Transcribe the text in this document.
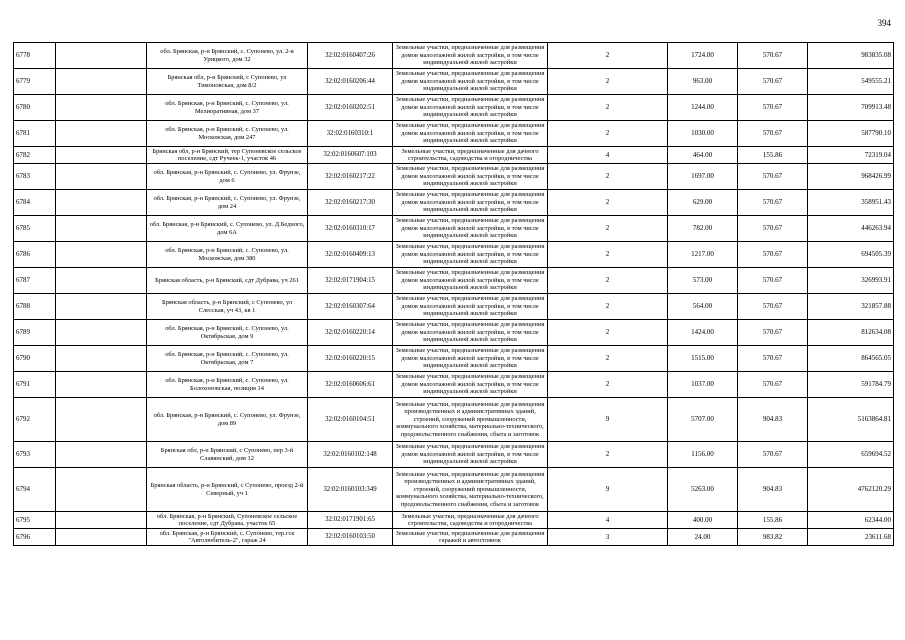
394
6778		обл. Брянская, р-н Брянский, с. Супонево, ул. 2-я Урицкого, дом 32	32:02:0160407:26	Земельные участки, предназначенные для размещения домов малоэтажной жилой застройки, в том числе индивидуальной жилой застройки	2	1724.00	570.67	983835.08
6779		Брянская обл, р-н Брянский, с Супонево, ул Тимоновская, дом 8/2	32:02:0160206:44	Земельные участки, предназначенные для размещения домов малоэтажной жилой застройки, в том числе индивидуальной жилой застройки	2	963.00	570.67	549555.21
6780		обл. Брянская, р-н Брянский, с. Супонево, ул. Мелиоративная, дом 37	32:02:0160202:51	Земельные участки, предназначенные для размещения домов малоэтажной жилой застройки, в том числе индивидуальной жилой застройки	2	1244.00	570.67	709913.48
6781		обл. Брянская, р-н Брянский, с. Супонево, ул. Московская, дом 247	32:02:0160310:1	Земельные участки, предназначенные для размещения домов малоэтажной жилой застройки, в том числе индивидуальной жилой застройки	2	1030.00	570.67	587790.10
6782		Брянская обл, р-н Брянский, тер Супоневское сельское поселение, сдт Ручеек-1, участок 46	32:02:0160607:103	Земельные участки, предназначенные для дачного строительства, садоводства и огородничества	4	464.00	155.86	72319.04
6783		обл. Брянская, р-н Брянский, с. Супонево, ул. Фрунзе, дом 6	32:02:0160217:22	Земельные участки, предназначенные для размещения домов малоэтажной жилой застройки, в том числе индивидуальной жилой застройки	2	1697.00	570.67	968426.99
6784		обл. Брянская, р-н Брянский, с. Супонево, ул. Фрунзе, дом 24	32:02:0160217:30	Земельные участки, предназначенные для размещения домов малоэтажной жилой застройки, в том числе индивидуальной жилой застройки	2	629.00	570.67	358951.43
6785		обл. Брянская, р-н Брянский, с. Супонево, ул. Д.Бедного, дом 6А	32:02:0160310:17	Земельные участки, предназначенные для размещения домов малоэтажной жилой застройки, в том числе индивидуальной жилой застройки	2	782.00	570.67	446263.94
6786		обл. Брянская, р-н Брянский, с. Супонево, ул. Московская, дом 380	32:02:0160409:13	Земельные участки, предназначенные для размещения домов малоэтажной жилой застройки, в том числе индивидуальной жилой застройки	2	1217.00	570.67	694505.39
6787		Брянская область, р-н Брянский, сдт Дубрава, уч 261	32:02:0171904:15	Земельные участки, предназначенные для размещения домов малоэтажной жилой застройки, в том числе индивидуальной жилой застройки	2	573.00	570.67	326993.91
6788		Брянская область, р-н Брянский, с Супонево, ул Слесская, уч 43, кв 1	32:02:0160307:64	Земельные участки, предназначенные для размещения домов малоэтажной жилой застройки, в том числе индивидуальной жилой застройки	2	564.00	570.67	321857.88
6789		обл. Брянская, р-н Брянский, с. Супонево, ул. Октябрьская, дом 9	32:02:0160220:14	Земельные участки, предназначенные для размещения домов малоэтажной жилой застройки, в том числе индивидуальной жилой застройки	2	1424.00	570.67	812634.08
6790		обл. Брянская, р-н Брянский, с. Супонево, ул. Октябрьская, дом 7	32:02:0160220:15	Земельные участки, предназначенные для размещения домов малоэтажной жилой застройки, в том числе индивидуальной жилой застройки	2	1515.00	570.67	864565.05
6791		обл. Брянская, р-н Брянский, с. Супонево, ул. Болохоновская, позиция 14	32:02:0160606:61	Земельные участки, предназначенные для размещения домов малоэтажной жилой застройки, в том числе индивидуальной жилой застройки	2	1037.00	570.67	591784.79
6792		обл. Брянская, р-н Брянский, с. Супонево, ул. Фрунзе, дом 89	32:02:0160104:51	Земельные участки, предназначенные для размещения производственных и административных зданий, строений, сооружений промышленности, коммунального хозяйства, материально-технического, продовольственного снабжения, сбыта и заготовок	9	5707.00	904.83	5163864.81
6793		Брянская обл, р-н Брянский, с Супонево, пер 3-й Славянский, дом 12	32:02:0160102:148	Земельные участки, предназначенные для размещения домов малоэтажной жилой застройки, в том числе индивидуальной жилой застройки	2	1156.00	570.67	659694.52
6794		Брянская область, р-н Брянский, с Супонево, проезд 2-й Северный, уч 1	32:02:0160103:349	Земельные участки, предназначенные для размещения производственных и административных зданий, строений, сооружений промышленности, коммунального хозяйства, материально-технического, продовольственного снабжения, сбыта и заготовок	9	5263.00	904.83	4762120.29
6795		обл. Брянская, р-н Брянский, Супоневское сельское поселение, сдт Дубрава, участок 65	32:02:0171901:65	Земельные участки, предназначенные для дачного строительства, садоводства и огородничества	4	400.00	155.86	62344.00
6796		обл. Брянская, р-н Брянский, с. Супонево, тер.гск "Автолюбитель-2", гараж 24	32:02:0160103:50	Земельные участки, предназначенные для размещения гаражей и автостоянок	3	24.00	983.82	23611.68
